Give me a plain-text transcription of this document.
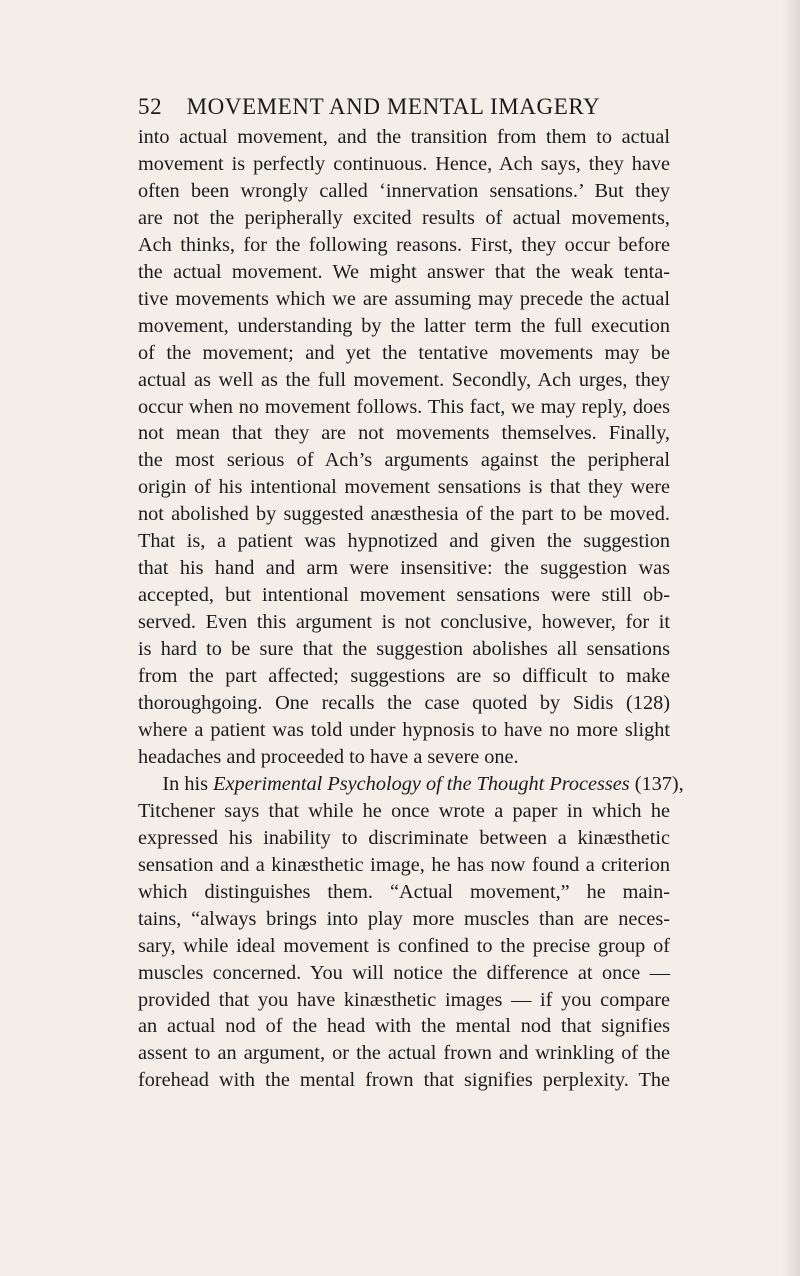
52 MOVEMENT AND MENTAL IMAGERY
into actual movement, and the transition from them to actual
movement is perfectly continuous. Hence, Ach says, they have
often been wrongly called ‘innervation sensations.’ But they
are not the peripherally excited results of actual movements,
Ach thinks, for the following reasons. First, they occur before
the actual movement. We might answer that the weak tenta-
tive movements which we are assuming may precede the actual
movement, understanding by the latter term the full execution
of the movement; and yet the tentative movements may be
actual as well as the full movement. Secondly, Ach urges, they
occur when no movement follows. This fact, we may reply, does
not mean that they are not movements themselves. Finally,
the most serious of Ach’s arguments against the peripheral
origin of his intentional movement sensations is that they were
not abolished by suggested anæsthesia of the part to be moved.
That is, a patient was hypnotized and given the suggestion
that his hand and arm were insensitive: the suggestion was
accepted, but intentional movement sensations were still ob-
served. Even this argument is not conclusive, however, for it
is hard to be sure that the suggestion abolishes all sensations
from the part affected; suggestions are so difficult to make
thoroughgoing. One recalls the case quoted by Sidis (128)
where a patient was told under hypnosis to have no more slight
headaches and proceeded to have a severe one.
In his Experimental Psychology of the Thought Processes (137),
Titchener says that while he once wrote a paper in which he
expressed his inability to discriminate between a kinæsthetic
sensation and a kinæsthetic image, he has now found a criterion
which distinguishes them. “Actual movement,” he main-
tains, “always brings into play more muscles than are neces-
sary, while ideal movement is confined to the precise group of
muscles concerned. You will notice the difference at once —
provided that you have kinæsthetic images — if you compare
an actual nod of the head with the mental nod that signifies
assent to an argument, or the actual frown and wrinkling of the
forehead with the mental frown that signifies perplexity. The
